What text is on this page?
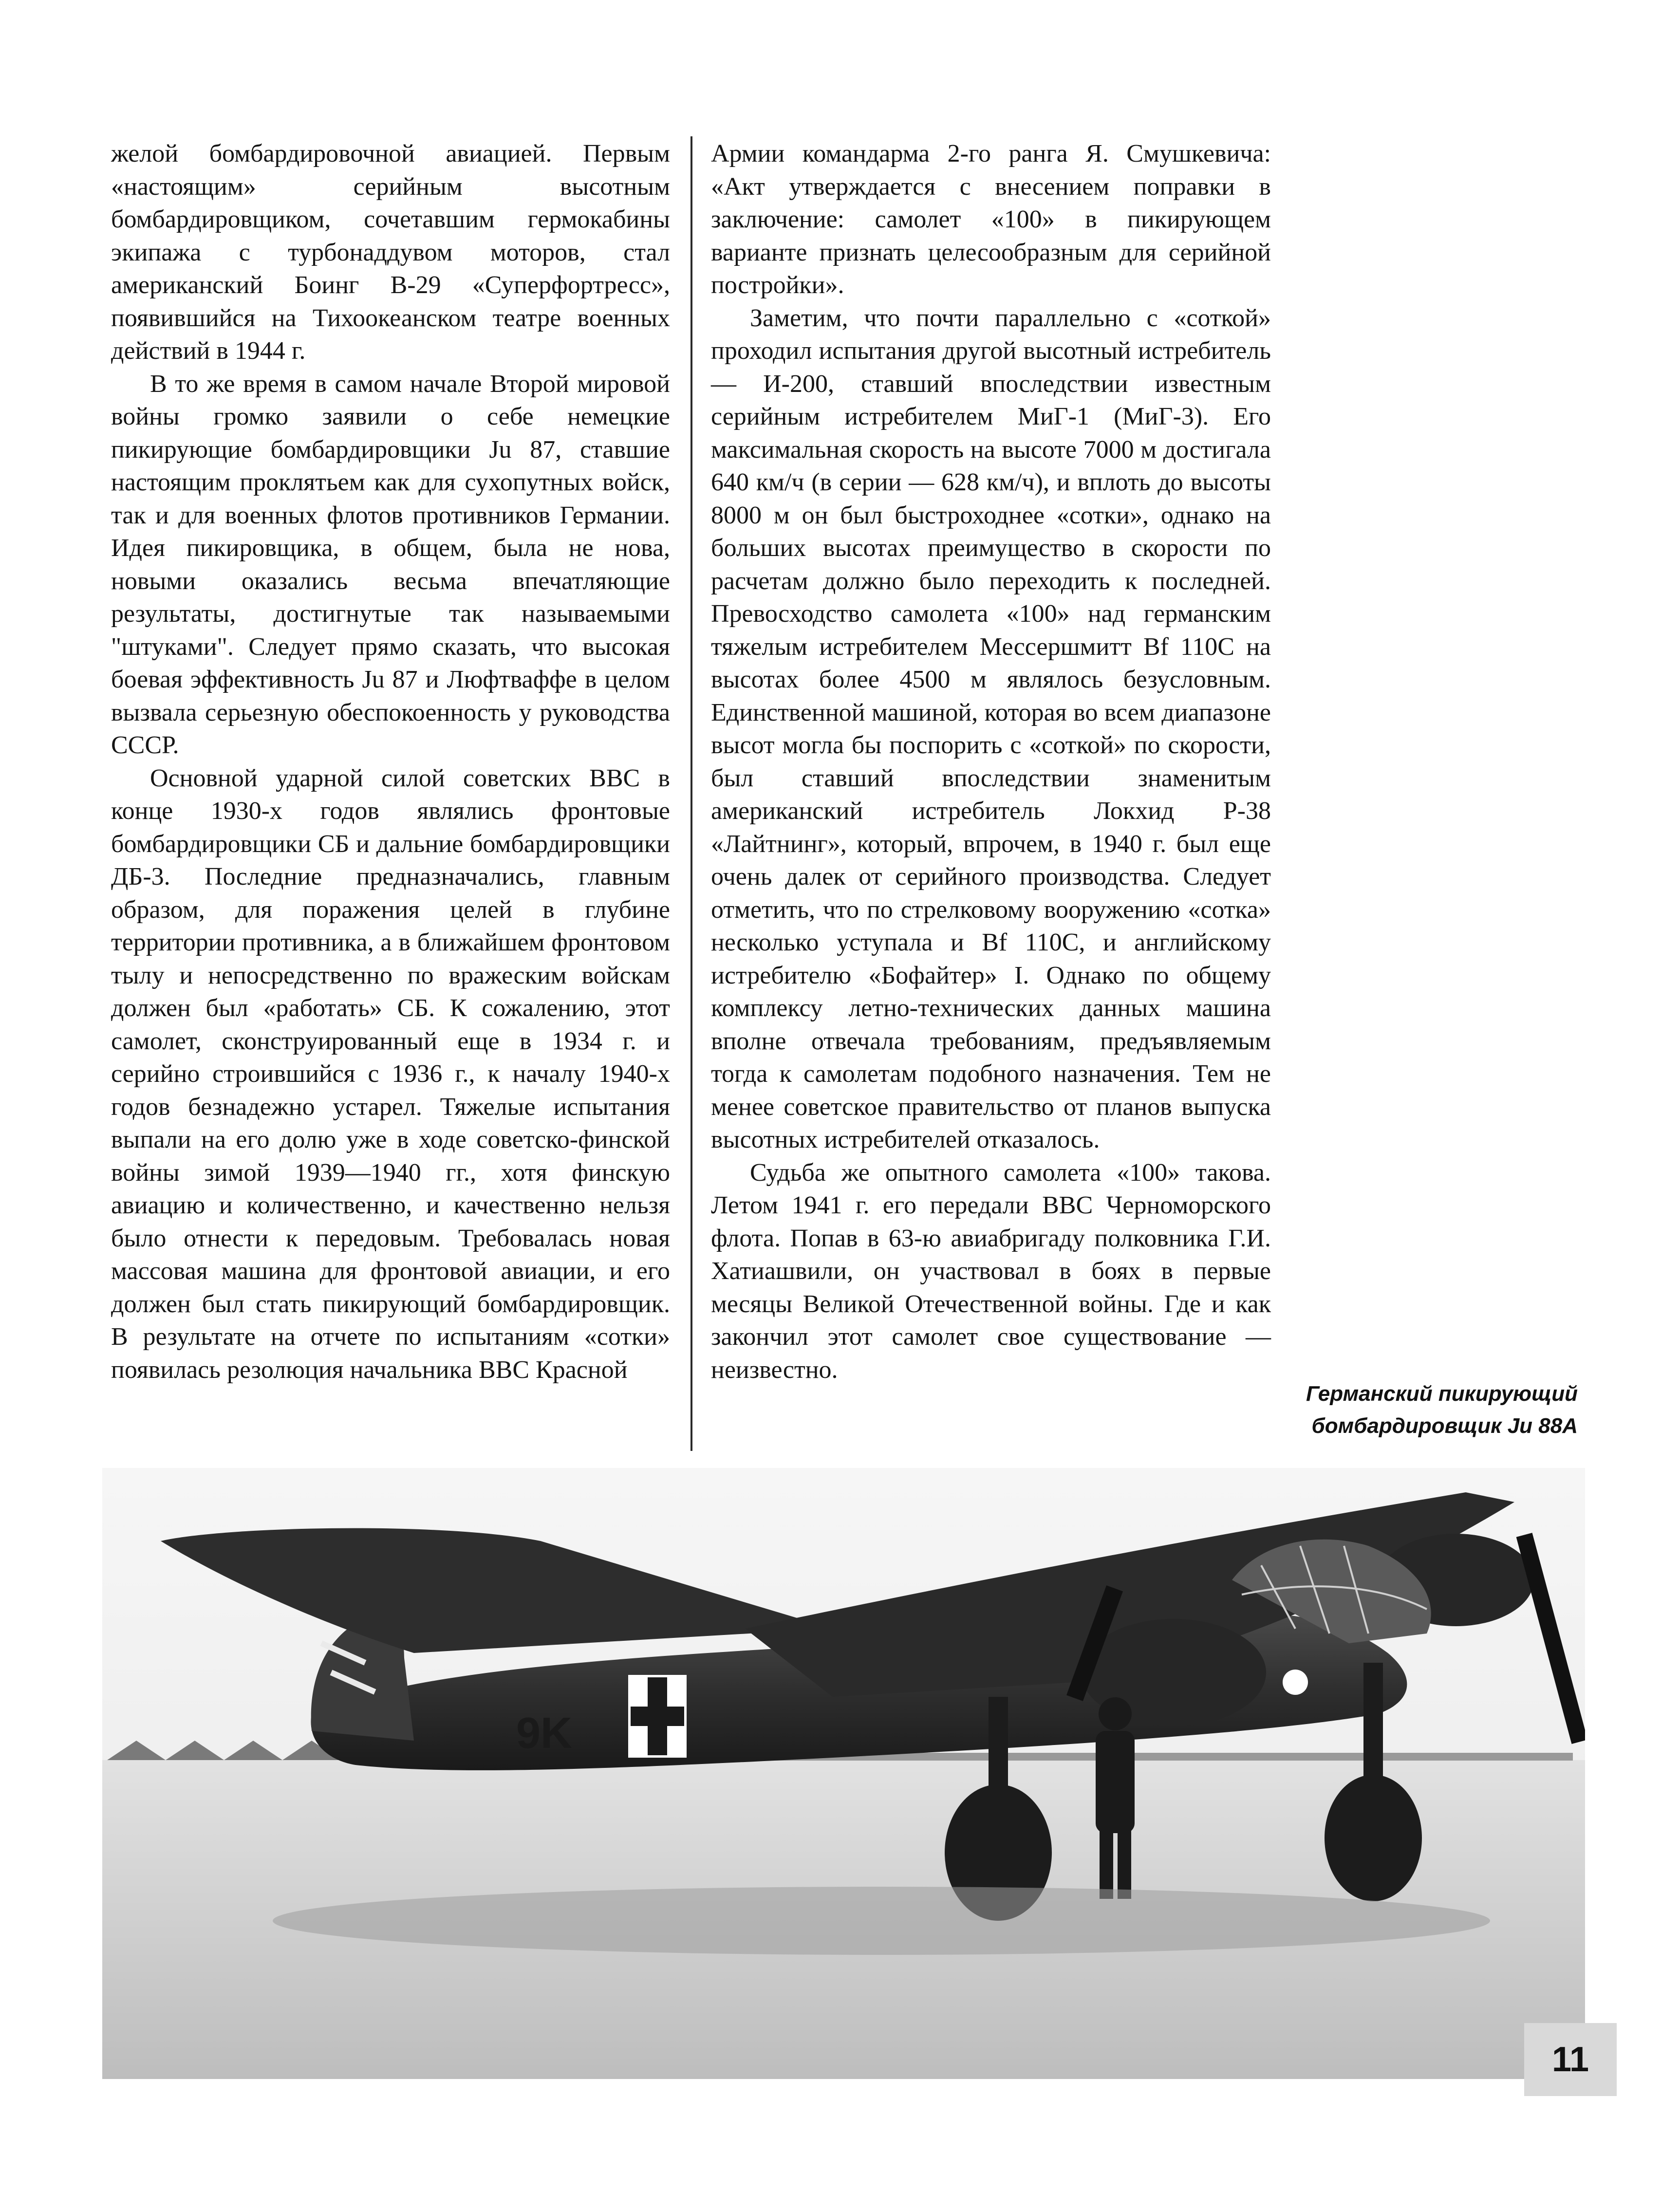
желой бомбардировочной авиацией. Первым «настоящим» серийным высотным бомбардировщиком, сочетавшим гермокабины экипажа с турбонаддувом моторов, стал американский Боинг B-29 «Суперфортресс», появившийся на Тихоокеанском театре военных действий в 1944 г.

В то же время в самом начале Второй мировой войны громко заявили о себе немецкие пикирующие бомбардировщики Ju 87, ставшие настоящим проклятьем как для сухопутных войск, так и для военных флотов противников Германии. Идея пикировщика, в общем, была не нова, новыми оказались весьма впечатляющие результаты, достигнутые так называемыми "штуками". Следует прямо сказать, что высокая боевая эффективность Ju 87 и Люфтваффе в целом вызвала серьезную обеспокоенность у руководства СССР.

Основной ударной силой советских ВВС в конце 1930-х годов являлись фронтовые бомбардировщики СБ и дальние бомбардировщики ДБ-3. Последние предназначались, главным образом, для поражения целей в глубине территории противника, а в ближайшем фронтовом тылу и непосредственно по вражеским войскам должен был «работать» СБ. К сожалению, этот самолет, сконструированный еще в 1934 г. и серийно строившийся с 1936 г., к началу 1940-х годов безнадежно устарел. Тяжелые испытания выпали на его долю уже в ходе советско-финской войны зимой 1939—1940 гг., хотя финскую авиацию и количественно, и качественно нельзя было отнести к передовым. Требовалась новая массовая машина для фронтовой авиации, и его должен был стать пикирующий бомбардировщик. В результате на отчете по испытаниям «сотки» появилась резолюция начальника ВВС Красной

Армии командарма 2-го ранга Я. Смушкевича: «Акт утверждается с внесением поправки в заключение: самолет «100» в пикирующем варианте признать целесообразным для серийной постройки».

Заметим, что почти параллельно с «соткой» проходил испытания другой высотный истребитель — И-200, ставший впоследствии известным серийным истребителем МиГ-1 (МиГ-3). Его максимальная скорость на высоте 7000 м достигала 640 км/ч (в серии — 628 км/ч), и вплоть до высоты 8000 м он был быстроходнее «сотки», однако на больших высотах преимущество в скорости по расчетам должно было переходить к последней. Превосходство самолета «100» над германским тяжелым истребителем Мессершмитт Bf 110C на высотах более 4500 м являлось безусловным. Единственной машиной, которая во всем диапазоне высот могла бы поспорить с «соткой» по скорости, был ставший впоследствии знаменитым американский истребитель Локхид Р-38 «Лайтнинг», который, впрочем, в 1940 г. был еще очень далек от серийного производства. Следует отметить, что по стрелковому вооружению «сотка» несколько уступала и Bf 110C, и английскому истребителю «Бофайтер» I. Однако по общему комплексу летно-технических данных машина вполне отвечала требованиям, предъявляемым тогда к самолетам подобного назначения. Тем не менее советское правительство от планов выпуска высотных истребителей отказалось.

Судьба же опытного самолета «100» такова. Летом 1941 г. его передали ВВС Черноморского флота. Попав в 63-ю авиабригаду полковника Г.И. Хатиашвили, он участвовал в боях в первые месяцы Великой Отечественной войны. Где и как закончил этот самолет свое существование — неизвестно.

Германский пикирующий
бомбардировщик Ju 88A
9K
11
